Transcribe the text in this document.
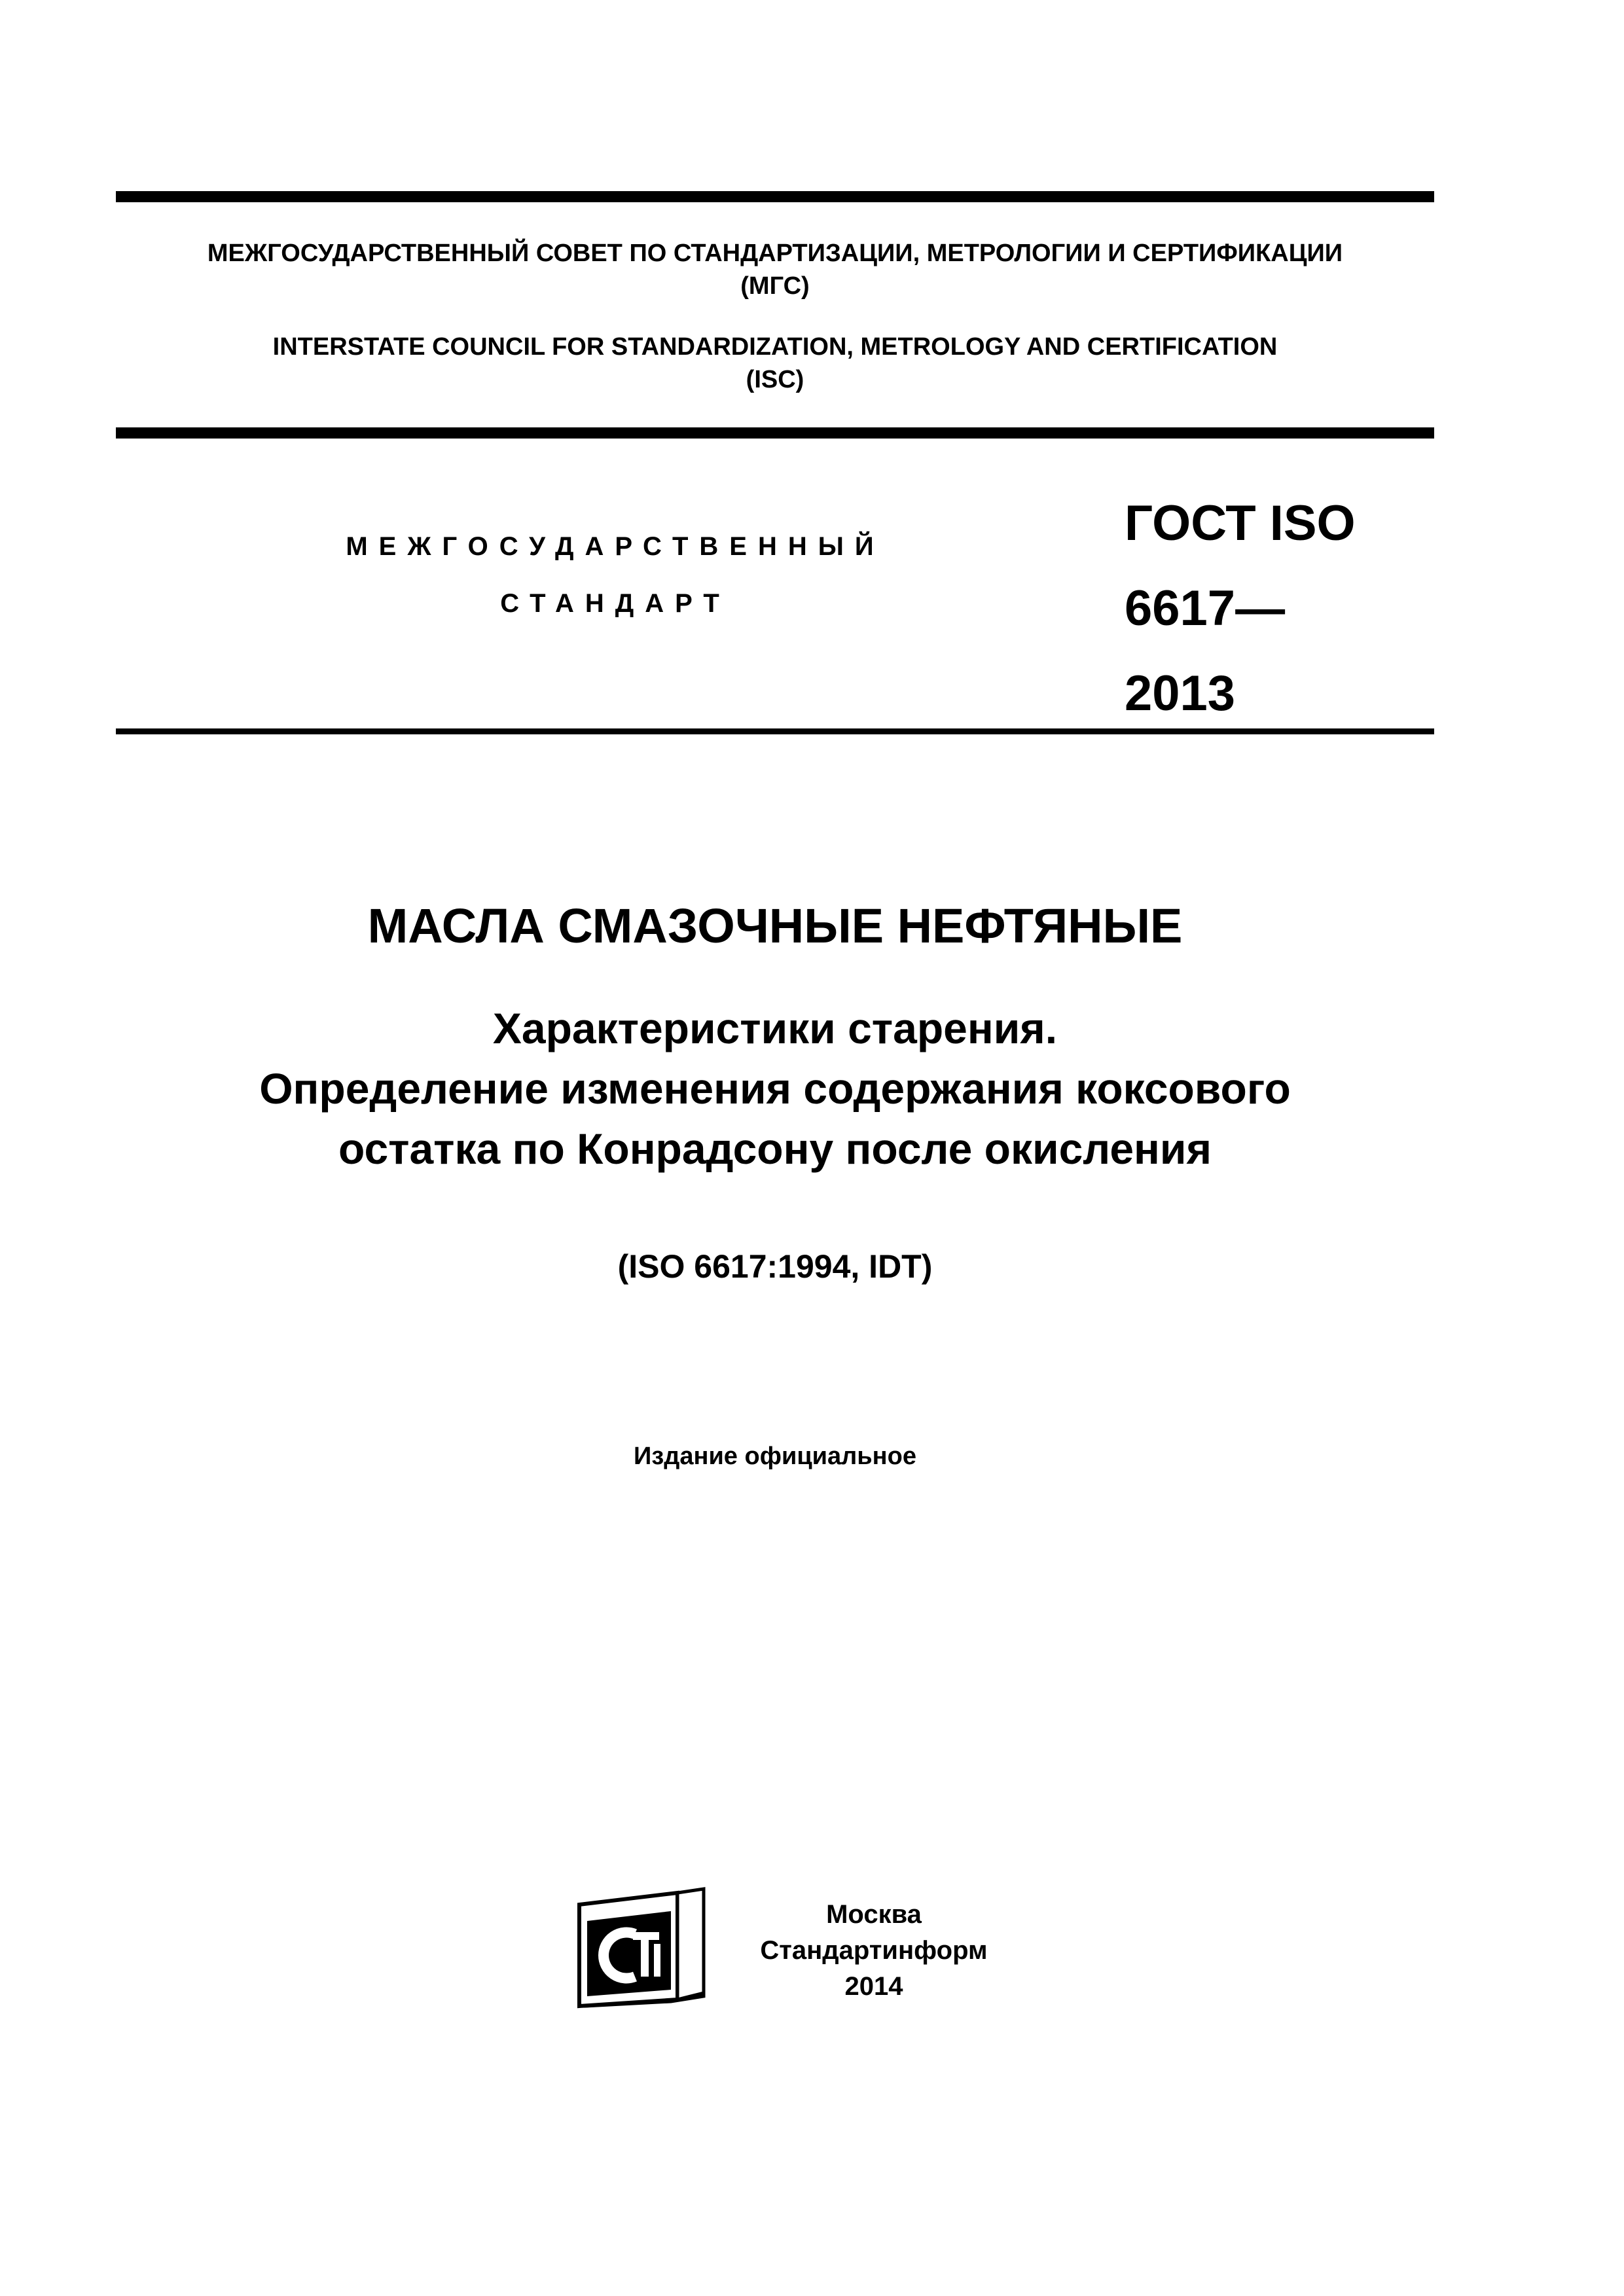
МЕЖГОСУДАРСТВЕННЫЙ СОВЕТ ПО СТАНДАРТИЗАЦИИ, МЕТРОЛОГИИ И СЕРТИФИКАЦИИ
(МГС)
INTERSTATE COUNCIL FOR STANDARDIZATION, METROLOGY AND CERTIFICATION
(ISC)
МЕЖГОСУДАРСТВЕННЫЙ
СТАНДАРТ
ГОСТ ISO
6617—
2013
МАСЛА СМАЗОЧНЫЕ НЕФТЯНЫЕ
Характеристики старения.
Определение изменения содержания коксового
остатка по Конрадсону после окисления
(ISO 6617:1994, IDT)
Издание официальное
Москва
Стандартинформ
2014
